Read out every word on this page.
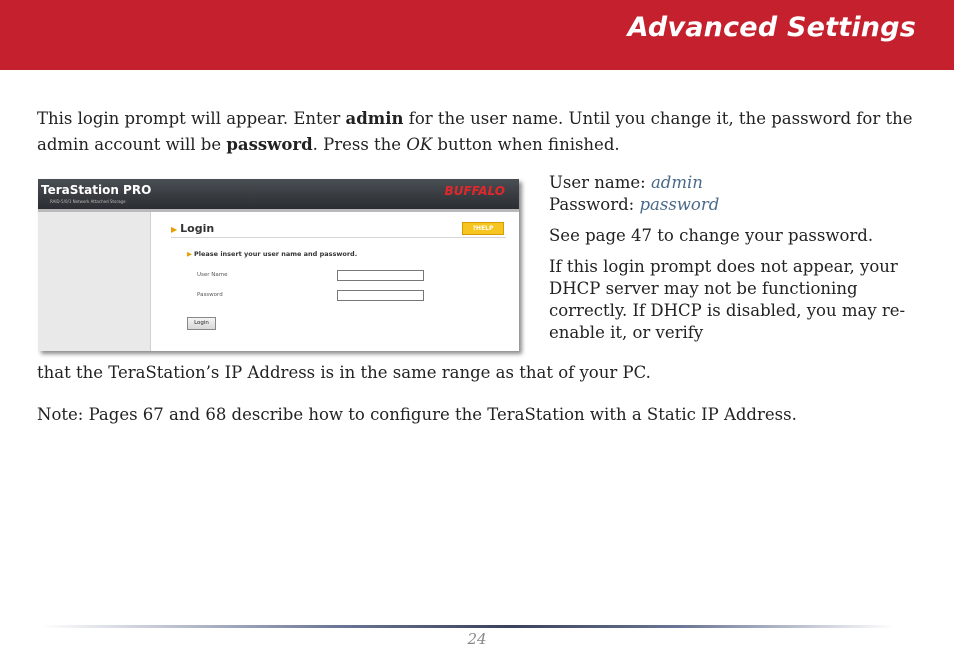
Advanced Settings

This login prompt will appear. Enter admin for the user name. Until you change it, the password for the admin account will be password. Press the OK button when finished.

TeraStation PRO
RAID-5/0/1 Network Attached Storage
BUFFALO
▶ Login	?HELP
▶ Please insert your user name and password.
User Name
Password
Login

User name: admin

Password: password

See page 47 to change your password.

If this login prompt does not appear, your DHCP server may not be functioning correctly. If DHCP is disabled, you may re-enable it, or verify

that the TeraStation’s IP Address is in the same range as that of your PC.
Note: Pages 67 and 68 describe how to configure the TeraStation with a Static IP Address.
24
